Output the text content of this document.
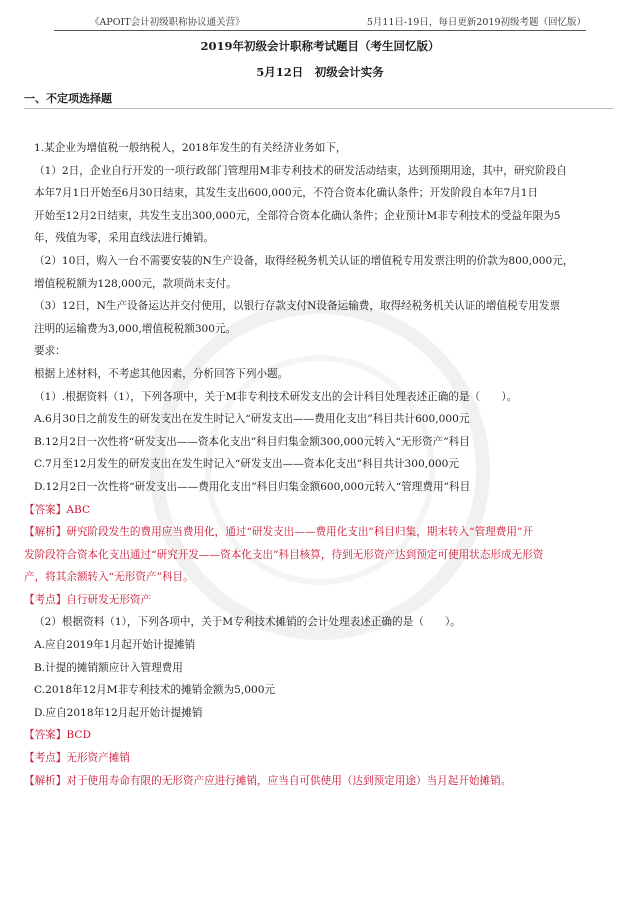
《APOIT会计初级职称协议通关营》	5月11日-19日，每日更新2019初级考题（回忆版）
2019年初级会计职称考试题目（考生回忆版）
5月12日　初级会计实务
一、不定项选择题
1.某企业为增值税一般纳税人，2018年发生的有关经济业务如下，
（1）2日，企业自行开发的一项行政部门管理用M非专利技术的研发活动结束，达到预期用途，其中，研究阶段自
本年7月1日开始至6月30日结束，其发生支出600,000元，不符合资本化确认条件；开发阶段自本年7月1日
开始至12月2日结束，共发生支出300,000元，全部符合资本化确认条件；企业预计M非专利技术的受益年限为5
年，残值为零，采用直线法进行摊销。
（2）10日，购入一台不需要安装的N生产设备，取得经税务机关认证的增值税专用发票注明的价款为800,000元，
增值税税额为128,000元，款项尚未支付。
（3）12日，N生产设备运达并交付使用，以银行存款支付N设备运输费，取得经税务机关认证的增值税专用发票
注明的运输费为3,000,增值税税额300元。
要求：
根据上述材料，不考虑其他因素，分析回答下列小题。
（1）.根据资料（1），下列各项中，关于M非专利技术研发支出的会计科目处理表述正确的是（　　）。
A.6月30日之前发生的研发支出在发生时记入“研发支出——费用化支出”科目共计600,000元
B.12月2日一次性将“研发支出——资本化支出”科目归集金额300,000元转入“无形资产”科目
C.7月至12月发生的研发支出在发生时记入“研发支出——资本化支出”科目共计300,000元
D.12月2日一次性将“研发支出——费用化支出”科目归集金额600,000元转入“管理费用”科目
【答案】ABC
【解析】研究阶段发生的费用应当费用化，通过“研发支出——费用化支出”科目归集，期末转入“管理费用”开
发阶段符合资本化支出通过“研究开发——资本化支出”科目核算，待到无形资产达到预定可使用状态形成无形资
产，将其余额转入“无形资产”科目。
【考点】自行研发无形资产
（2）根据资料（1），下列各项中，关于M专利技术摊销的会计处理表述正确的是（　　）。
A.应自2019年1月起开始计提摊销
B.计提的摊销额应计入管理费用
C.2018年12月M非专利技术的摊销金额为5,000元
D.应自2018年12月起开始计提摊销
【答案】BCD
【考点】无形资产摊销
【解析】对于使用寿命有限的无形资产应进行摊销，应当自可供使用（达到预定用途）当月起开始摊销。
